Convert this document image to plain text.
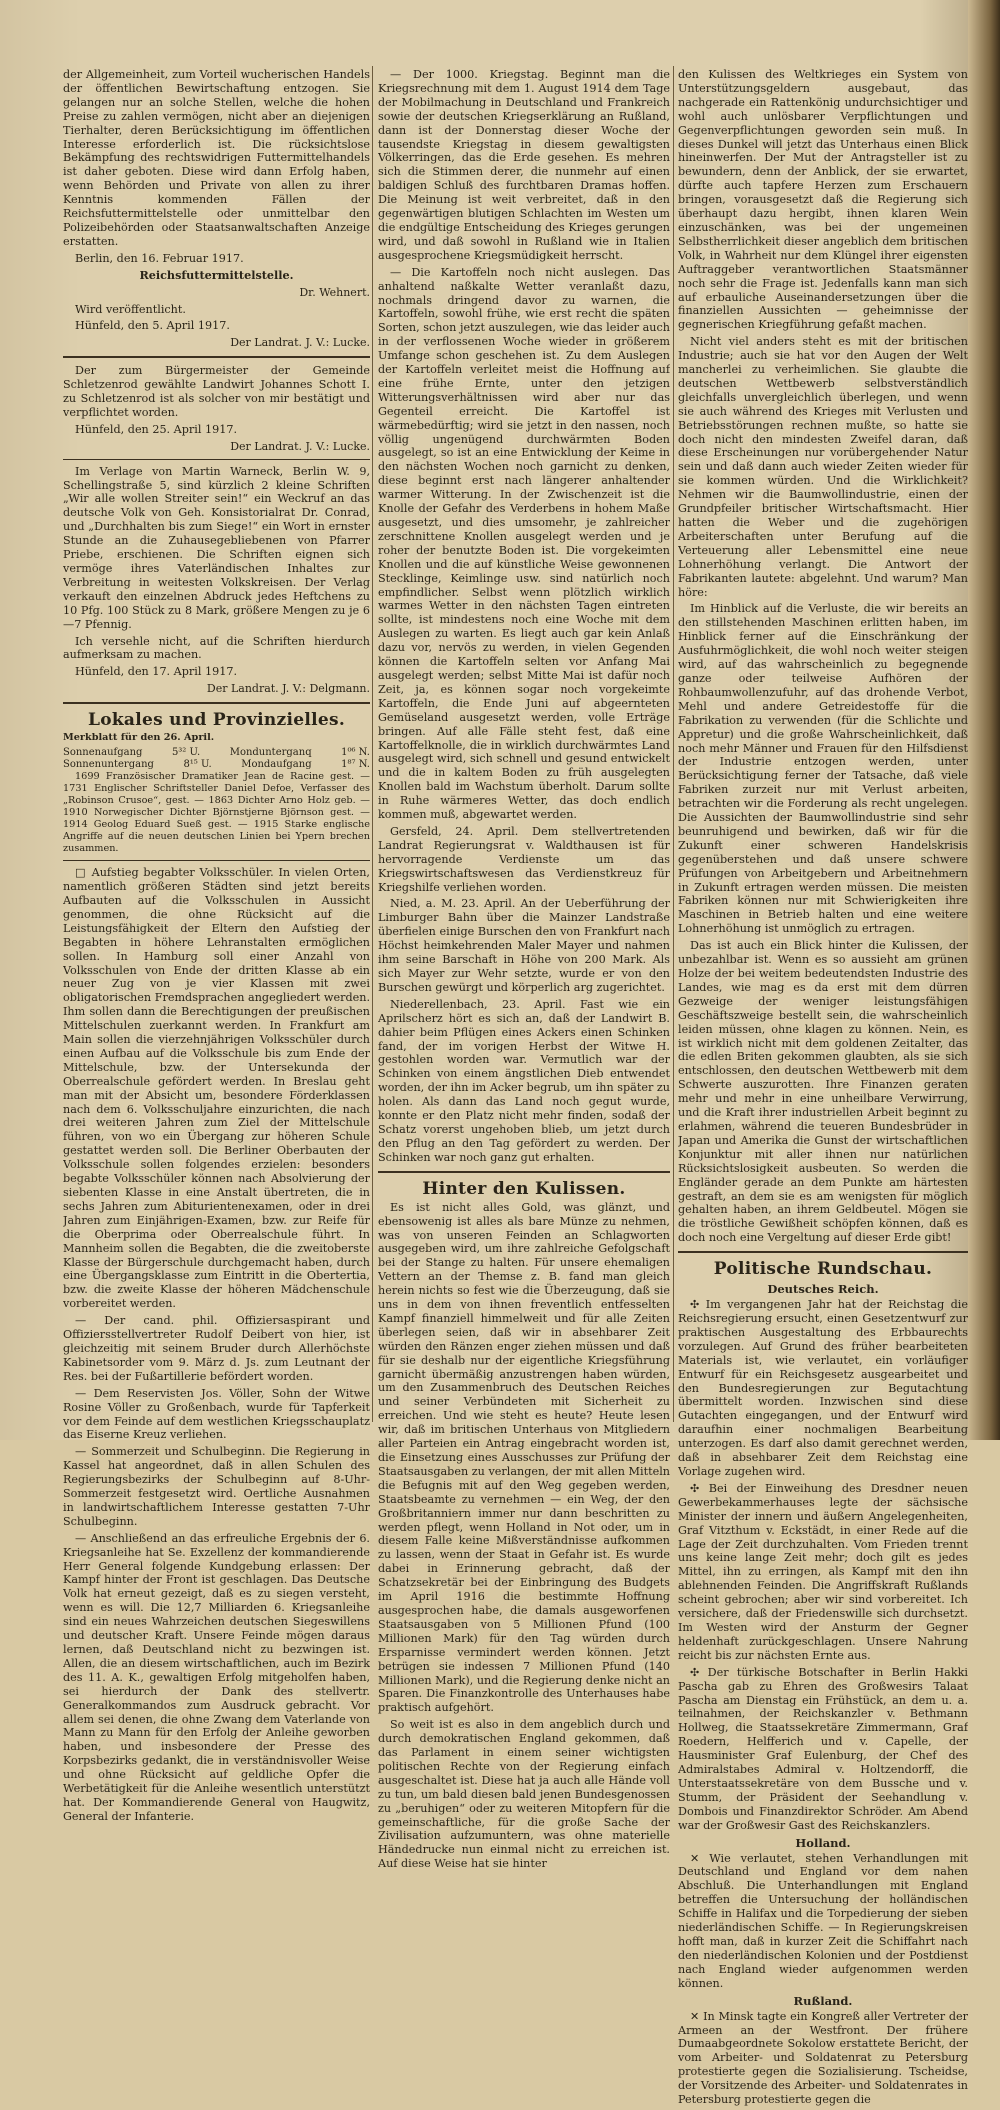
der Allgemeinheit, zum Vorteil wucherischen Handels der öffentlichen Bewirtschaftung entzogen. Sie gelangen nur an solche Stellen, welche die hohen Preise zu zahlen vermögen, nicht aber an diejenigen Tierhalter, deren Berücksichtigung im öffentlichen Interesse erforderlich ist. Die rücksichtslose Bekämpfung des rechtswidrigen Futtermittelhandels ist daher geboten. Diese wird dann Erfolg haben, wenn Behörden und Private von allen zu ihrer Kenntnis kommenden Fällen der Reichsfuttermittelstelle oder unmittelbar den Polizeibehörden oder Staatsanwaltschaften Anzeige erstatten.

Berlin, den 16. Februar 1917.

Reichsfuttermittelstelle.

Dr. Wehnert.

Wird veröffentlicht.

Hünfeld, den 5. April 1917.

Der Landrat. J. V.: Lucke.

Der zum Bürgermeister der Gemeinde Schletzenrod gewählte Landwirt Johannes Schott I. zu Schletzenrod ist als solcher von mir bestätigt und verpflichtet worden.

Hünfeld, den 25. April 1917.

Der Landrat. J. V.: Lucke.

Im Verlage von Martin Warneck, Berlin W. 9, Schellingstraße 5, sind kürzlich 2 kleine Schriften „Wir alle wollen Streiter sein!“ ein Weckruf an das deutsche Volk von Geh. Konsistorialrat Dr. Conrad, und „Durchhalten bis zum Siege!“ ein Wort in ernster Stunde an die Zuhausegebliebenen von Pfarrer Priebe, erschienen. Die Schriften eignen sich vermöge ihres Vaterländischen Inhaltes zur Verbreitung in weitesten Volkskreisen. Der Verlag verkauft den einzelnen Abdruck jedes Heftchens zu 10 Pfg. 100 Stück zu 8 Mark, größere Mengen zu je 6—7 Pfennig.

Ich versehle nicht, auf die Schriften hierdurch aufmerksam zu machen.

Hünfeld, den 17. April 1917.

Der Landrat. J. V.: Delgmann.

Lokales und Provinzielles.

Merkblatt für den 26. April.

Sonnenaufgang	5³² U.	Mondunterganq	1⁰⁶ N.
Sonnenuntergang	8¹⁵ U.	Mondaufgang	1⁸⁷ N.

1699 Französischer Dramatiker Jean de Racine gest. — 1731 Englischer Schriftsteller Daniel Defoe, Verfasser des „Robinson Crusoe“, gest. — 1863 Dichter Arno Holz geb. — 1910 Norwegischer Dichter Björnstjerne Björnson gest. — 1914 Geolog Eduard Sueß gest. — 1915 Starke englische Angriffe auf die neuen deutschen Linien bei Ypern brechen zusammen.

□ Aufstieg begabter Volksschüler. In vielen Orten, namentlich größeren Städten sind jetzt bereits Aufbauten auf die Volksschulen in Aussicht genommen, die ohne Rücksicht auf die Leistungsfähigkeit der Eltern den Aufstieg der Begabten in höhere Lehranstalten ermöglichen sollen. In Hamburg soll einer Anzahl von Volksschulen von Ende der dritten Klasse ab ein neuer Zug von je vier Klassen mit zwei obligatorischen Fremdsprachen angegliedert werden. Ihm sollen dann die Berechtigungen der preußischen Mittelschulen zuerkannt werden. In Frankfurt am Main sollen die vierzehnjährigen Volksschüler durch einen Aufbau auf die Volksschule bis zum Ende der Mittelschule, bzw. der Untersekunda der Oberrealschule gefördert werden. In Breslau geht man mit der Absicht um, besondere Förderklassen nach dem 6. Volksschuljahre einzurichten, die nach drei weiteren Jahren zum Ziel der Mittelschule führen, von wo ein Übergang zur höheren Schule gestattet werden soll. Die Berliner Oberbauten der Volksschule sollen folgendes erzielen: besonders begabte Volksschüler können nach Absolvierung der siebenten Klasse in eine Anstalt übertreten, die in sechs Jahren zum Abiturientenexamen, oder in drei Jahren zum Einjährigen-Examen, bzw. zur Reife für die Oberprima oder Oberrealschule führt. In Mannheim sollen die Begabten, die die zweitoberste Klasse der Bürgerschule durchgemacht haben, durch eine Übergangsklasse zum Eintritt in die Obertertia, bzw. die zweite Klasse der höheren Mädchenschule vorbereitet werden.

— Der cand. phil. Offiziersaspirant und Offiziersstellvertreter Rudolf Deibert von hier, ist gleichzeitig mit seinem Bruder durch Allerhöchste Kabinetsorder vom 9. März d. Js. zum Leutnant der Res. bei der Fußartillerie befördert worden.

— Dem Reservisten Jos. Völler, Sohn der Witwe Rosine Völler zu Großenbach, wurde für Tapferkeit vor dem Feinde auf dem westlichen Kriegsschauplatz das Eiserne Kreuz verliehen.

— Sommerzeit und Schulbeginn. Die Regierung in Kassel hat angeordnet, daß in allen Schulen des Regierungsbezirks der Schulbeginn auf 8-Uhr-Sommerzeit festgesetzt wird. Oertliche Ausnahmen in landwirtschaftlichem Interesse gestatten 7-Uhr Schulbeginn.

— Anschließend an das erfreuliche Ergebnis der 6. Kriegsanleihe hat Se. Exzellenz der kommandierende Herr General folgende Kundgebung erlassen: Der Kampf hinter der Front ist geschlagen. Das Deutsche Volk hat erneut gezeigt, daß es zu siegen versteht, wenn es will. Die 12,7 Milliarden 6. Kriegsanleihe sind ein neues Wahrzeichen deutschen Siegeswillens und deutscher Kraft. Unsere Feinde mögen daraus lernen, daß Deutschland nicht zu bezwingen ist. Allen, die an diesem wirtschaftlichen, auch im Bezirk des 11. A. K., gewaltigen Erfolg mitgeholfen haben, sei hierdurch der Dank des stellvertr. Generalkommandos zum Ausdruck gebracht. Vor allem sei denen, die ohne Zwang dem Vaterlande von Mann zu Mann für den Erfolg der Anleihe geworben haben, und insbesondere der Presse des Korpsbezirks gedankt, die in verständnisvoller Weise und ohne Rücksicht auf geldliche Opfer die Werbetätigkeit für die Anleihe wesentlich unterstützt hat. Der Kommandierende General von Haugwitz, General der Infanterie.

— Der 1000. Kriegstag. Beginnt man die Kriegsrechnung mit dem 1. August 1914 dem Tage der Mobilmachung in Deutschland und Frankreich sowie der deutschen Kriegserklärung an Rußland, dann ist der Donnerstag dieser Woche der tausendste Kriegstag in diesem gewaltigsten Völkerringen, das die Erde gesehen. Es mehren sich die Stimmen derer, die nunmehr auf einen baldigen Schluß des furchtbaren Dramas hoffen. Die Meinung ist weit verbreitet, daß in den gegenwärtigen blutigen Schlachten im Westen um die endgültige Entscheidung des Krieges gerungen wird, und daß sowohl in Rußland wie in Italien ausgesprochene Kriegsmüdigkeit herrscht.

— Die Kartoffeln noch nicht auslegen. Das anhaltend naßkalte Wetter veranlaßt dazu, nochmals dringend davor zu warnen, die Kartoffeln, sowohl frühe, wie erst recht die späten Sorten, schon jetzt auszulegen, wie das leider auch in der verflossenen Woche wieder in größerem Umfange schon geschehen ist. Zu dem Auslegen der Kartoffeln verleitet meist die Hoffnung auf eine frühe Ernte, unter den jetzigen Witterungsverhältnissen wird aber nur das Gegenteil erreicht. Die Kartoffel ist wärmebedürftig; wird sie jetzt in den nassen, noch völlig ungenügend durchwärmten Boden ausgelegt, so ist an eine Entwicklung der Keime in den nächsten Wochen noch garnicht zu denken, diese beginnt erst nach längerer anhaltender warmer Witterung. In der Zwischenzeit ist die Knolle der Gefahr des Verderbens in hohem Maße ausgesetzt, und dies umsomehr, je zahlreicher zerschnittene Knollen ausgelegt werden und je roher der benutzte Boden ist. Die vorgekeimten Knollen und die auf künstliche Weise gewonnenen Stecklinge, Keimlinge usw. sind natürlich noch empfindlicher. Selbst wenn plötzlich wirklich warmes Wetter in den nächsten Tagen eintreten sollte, ist mindestens noch eine Woche mit dem Auslegen zu warten. Es liegt auch gar kein Anlaß dazu vor, nervös zu werden, in vielen Gegenden können die Kartoffeln selten vor Anfang Mai ausgelegt werden; selbst Mitte Mai ist dafür noch Zeit, ja, es können sogar noch vorgekeimte Kartoffeln, die Ende Juni auf abgeernteten Gemüseland ausgesetzt werden, volle Erträge bringen. Auf alle Fälle steht fest, daß eine Kartoffelknolle, die in wirklich durchwärmtes Land ausgelegt wird, sich schnell und gesund entwickelt und die in kaltem Boden zu früh ausgelegten Knollen bald im Wachstum überholt. Darum sollte in Ruhe wärmeres Wetter, das doch endlich kommen muß, abgewartet werden.

Gersfeld, 24. April. Dem stellvertretenden Landrat Regierungsrat v. Waldthausen ist für hervorragende Verdienste um das Kriegswirtschaftswesen das Verdienstkreuz für Kriegshilfe verliehen worden.

Nied, a. M. 23. April. An der Ueberführung der Limburger Bahn über die Mainzer Landstraße überfielen einige Burschen den von Frankfurt nach Höchst heimkehrenden Maler Mayer und nahmen ihm seine Barschaft in Höhe von 200 Mark. Als sich Mayer zur Wehr setzte, wurde er von den Burschen gewürgt und körperlich arg zugerichtet.

Niederellenbach, 23. April. Fast wie ein Aprilscherz hört es sich an, daß der Landwirt B. dahier beim Pflügen eines Ackers einen Schinken fand, der im vorigen Herbst der Witwe H. gestohlen worden war. Vermutlich war der Schinken von einem ängstlichen Dieb entwendet worden, der ihn im Acker begrub, um ihn später zu holen. Als dann das Land noch gegut wurde, konnte er den Platz nicht mehr finden, sodaß der Schatz vorerst ungehoben blieb, um jetzt durch den Pflug an den Tag gefördert zu werden. Der Schinken war noch ganz gut erhalten.

Hinter den Kulissen.

Es ist nicht alles Gold, was glänzt, und ebensowenig ist alles als bare Münze zu nehmen, was von unseren Feinden an Schlagworten ausgegeben wird, um ihre zahlreiche Gefolgschaft bei der Stange zu halten. Für unsere ehemaligen Vettern an der Themse z. B. fand man gleich herein nichts so fest wie die Überzeugung, daß sie uns in dem von ihnen freventlich entfesselten Kampf finanziell himmelweit und für alle Zeiten überlegen seien, daß wir in absehbarer Zeit würden den Ränzen enger ziehen müssen und daß für sie deshalb nur der eigentliche Kriegsführung garnicht übermäßig anzustrengen haben würden, um den Zusammenbruch des Deutschen Reiches und seiner Verbündeten mit Sicherheit zu erreichen. Und wie steht es heute? Heute lesen wir, daß im britischen Unterhaus von Mitgliedern aller Parteien ein Antrag eingebracht worden ist, die Einsetzung eines Ausschusses zur Prüfung der Staatsausgaben zu verlangen, der mit allen Mitteln die Befugnis mit auf den Weg gegeben werden, Staatsbeamte zu vernehmen — ein Weg, der den Großbritanniern immer nur dann beschritten zu werden pflegt, wenn Holland in Not oder, um in diesem Falle keine Mißverständnisse aufkommen zu lassen, wenn der Staat in Gefahr ist. Es wurde dabei in Erinnerung gebracht, daß der Schatzsekretär bei der Einbringung des Budgets im April 1916 die bestimmte Hoffnung ausgesprochen habe, die damals ausgeworfenen Staatsausgaben von 5 Millionen Pfund (100 Millionen Mark) für den Tag würden durch Ersparnisse vermindert werden können. Jetzt betrügen sie indessen 7 Millionen Pfund (140 Millionen Mark), und die Regierung denke nicht an Sparen. Die Finanzkontrolle des Unterhauses habe praktisch aufgehört.

So weit ist es also in dem angeblich durch und durch demokratischen England gekommen, daß das Parlament in einem seiner wichtigsten politischen Rechte von der Regierung einfach ausgeschaltet ist. Diese hat ja auch alle Hände voll zu tun, um bald diesen bald jenen Bundesgenossen zu „beruhigen“ oder zu weiteren Mitopfern für die gemeinschaftliche, für die große Sache der Zivilisation aufzumuntern, was ohne materielle Händedrucke nun einmal nicht zu erreichen ist. Auf diese Weise hat sie hinter

den Kulissen des Weltkrieges ein System von Unterstützungsgeldern ausgebaut, das nachgerade ein Rattenkönig undurchsichtiger und wohl auch unlösbarer Verpflichtungen und Gegenverpflichtungen geworden sein muß. In dieses Dunkel will jetzt das Unterhaus einen Blick hineinwerfen. Der Mut der Antragsteller ist zu bewundern, denn der Anblick, der sie erwartet, dürfte auch tapfere Herzen zum Erschauern bringen, vorausgesetzt daß die Regierung sich überhaupt dazu hergibt, ihnen klaren Wein einzuschänken, was bei der ungemeinen Selbstherrlichkeit dieser angeblich dem britischen Volk, in Wahrheit nur dem Klüngel ihrer eigensten Auftraggeber verantwortlichen Staatsmänner noch sehr die Frage ist. Jedenfalls kann man sich auf erbauliche Auseinandersetzungen über die finanziellen Aussichten — geheimnisse der gegnerischen Kriegführung gefaßt machen.

Nicht viel anders steht es mit der britischen Industrie; auch sie hat vor den Augen der Welt mancherlei zu verheimlichen. Sie glaubte die deutschen Wettbewerb selbstverständlich gleichfalls unvergleichlich überlegen, und wenn sie auch während des Krieges mit Verlusten und Betriebsstörungen rechnen mußte, so hatte sie doch nicht den mindesten Zweifel daran, daß diese Erscheinungen nur vorübergehender Natur sein und daß dann auch wieder Zeiten wieder für sie kommen würden. Und die Wirklichkeit? Nehmen wir die Baumwollindustrie, einen der Grundpfeiler britischer Wirtschaftsmacht. Hier hatten die Weber und die zugehörigen Arbeiterschaften unter Berufung auf die Verteuerung aller Lebensmittel eine neue Lohnerhöhung verlangt. Die Antwort der Fabrikanten lautete: abgelehnt. Und warum? Man höre:

Im Hinblick auf die Verluste, die wir bereits an den stillstehenden Maschinen erlitten haben, im Hinblick ferner auf die Einschränkung der Ausfuhrmöglichkeit, die wohl noch weiter steigen wird, auf das wahrscheinlich zu begegnende ganze oder teilweise Aufhören der Rohbaumwollenzufuhr, auf das drohende Verbot, Mehl und andere Getreidestoffe für die Fabrikation zu verwenden (für die Schlichte und Appretur) und die große Wahrscheinlichkeit, daß noch mehr Männer und Frauen für den Hilfsdienst der Industrie entzogen werden, unter Berücksichtigung ferner der Tatsache, daß viele Fabriken zurzeit nur mit Verlust arbeiten, betrachten wir die Forderung als recht ungelegen. Die Aussichten der Baumwollindustrie sind sehr beunruhigend und bewirken, daß wir für die Zukunft einer schweren Handelskrisis gegenüberstehen und daß unsere schwere Prüfungen von Arbeitgebern und Arbeitnehmern in Zukunft ertragen werden müssen. Die meisten Fabriken können nur mit Schwierigkeiten ihre Maschinen in Betrieb halten und eine weitere Lohnerhöhung ist unmöglich zu ertragen.

Das ist auch ein Blick hinter die Kulissen, der unbezahlbar ist. Wenn es so aussieht am grünen Holze der bei weitem bedeutendsten Industrie des Landes, wie mag es da erst mit dem dürren Gezweige der weniger leistungsfähigen Geschäftszweige bestellt sein, die wahrscheinlich leiden müssen, ohne klagen zu können. Nein, es ist wirklich nicht mit dem goldenen Zeitalter, das die edlen Briten gekommen glaubten, als sie sich entschlossen, den deutschen Wettbewerb mit dem Schwerte auszurotten. Ihre Finanzen geraten mehr und mehr in eine unheilbare Verwirrung, und die Kraft ihrer industriellen Arbeit beginnt zu erlahmen, während die teueren Bundesbrüder in Japan und Amerika die Gunst der wirtschaftlichen Konjunktur mit aller ihnen nur natürlichen Rücksichtslosigkeit ausbeuten. So werden die Engländer gerade an dem Punkte am härtesten gestraft, an dem sie es am wenigsten für möglich gehalten haben, an ihrem Geldbeutel. Mögen sie die tröstliche Gewißheit schöpfen können, daß es doch noch eine Vergeltung auf dieser Erde gibt!

Politische Rundschau.
Deutsches Reich.

✣ Im vergangenen Jahr hat der Reichstag die Reichsregierung ersucht, einen Gesetzentwurf zur praktischen Ausgestaltung des Erbbaurechts vorzulegen. Auf Grund des früher bearbeiteten Materials ist, wie verlautet, ein vorläufiger Entwurf für ein Reichsgesetz ausgearbeitet und den Bundesregierungen zur Begutachtung übermittelt worden. Inzwischen sind diese Gutachten eingegangen, und der Entwurf wird daraufhin einer nochmaligen Bearbeitung unterzogen. Es darf also damit gerechnet werden, daß in absehbarer Zeit dem Reichstag eine Vorlage zugehen wird.

✣ Bei der Einweihung des Dresdner neuen Gewerbekammerhauses legte der sächsische Minister der innern und äußern Angelegenheiten, Graf Vitzthum v. Eckstädt, in einer Rede auf die Lage der Zeit durchzuhalten. Vom Frieden trennt uns keine lange Zeit mehr; doch gilt es jedes Mittel, ihn zu erringen, als Kampf mit den ihn ablehnenden Feinden. Die Angriffskraft Rußlands scheint gebrochen; aber wir sind vorbereitet. Ich versichere, daß der Friedenswille sich durchsetzt. Im Westen wird der Ansturm der Gegner heldenhaft zurückgeschlagen. Unsere Nahrung reicht bis zur nächsten Ernte aus.

✣ Der türkische Botschafter in Berlin Hakki Pascha gab zu Ehren des Großwesirs Talaat Pascha am Dienstag ein Frühstück, an dem u. a. teilnahmen, der Reichskanzler v. Bethmann Hollweg, die Staatssekretäre Zimmermann, Graf Roedern, Helfferich und v. Capelle, der Hausminister Graf Eulenburg, der Chef des Admiralstabes Admiral v. Holtzendorff, die Unterstaatssekretäre von dem Bussche und v. Stumm, der Präsident der Seehandlung v. Dombois und Finanzdirektor Schröder. Am Abend war der Großwesir Gast des Reichskanzlers.

Holland.

✕ Wie verlautet, stehen Verhandlungen mit Deutschland und England vor dem nahen Abschluß. Die Unterhandlungen mit England betreffen die Untersuchung der holländischen Schiffe in Halifax und die Torpedierung der sieben niederländischen Schiffe. — In Regierungskreisen hofft man, daß in kurzer Zeit die Schiffahrt nach den niederländischen Kolonien und der Postdienst nach England wieder aufgenommen werden können.

Rußland.

✕ In Minsk tagte ein Kongreß aller Vertreter der Armeen an der Westfront. Der frühere Dumaabgeordnete Sokolow erstattete Bericht, der vom Arbeiter- und Soldatenrat zu Petersburg protestierte gegen die Sozialisierung. Tscheidse, der Vorsitzende des Arbeiter- und Soldatenrates in Petersburg protestierte gegen die
